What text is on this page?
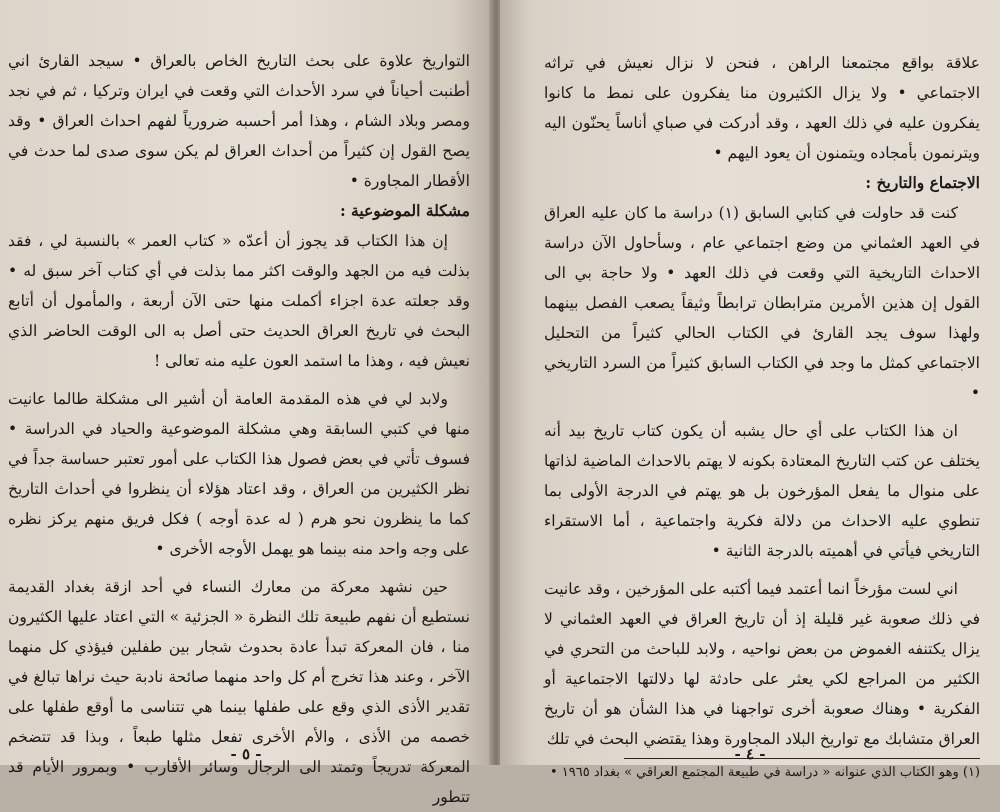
التواريخ علاوة على بحث التاريخ الخاص بالعراق • سيجد القارئ اني أطنبت أحياناً في سرد الأحداث التي وقعت في ايران وتركيا ، ثم في نجد ومصر وبلاد الشام ، وهذا أمر أحسبه ضرورياً لفهم احداث العراق • وقد يصح القول إن كثيراً من أحداث العراق لم يكن سوى صدى لما حدث في الأقطار المجاورة •

مشكلة الموضوعية :

إن هذا الكتاب قد يجوز أن أعدّه « كتاب العمر » بالنسبة لي ، فقد بذلت فيه من الجهد والوقت اكثر مما بذلت في أي كتاب آخر سبق له • وقد جعلته عدة اجزاء أكملت منها حتى الآن أربعة ، والمأمول أن أتابع البحث في تاريخ العراق الحديث حتى أصل به الى الوقت الحاضر الذي نعيش فيه ، وهذا ما استمد العون عليه منه تعالى !

ولابد لي في هذه المقدمة العامة أن أشير الى مشكلة طالما عانيت منها في كتبي السابقة وهي مشكلة الموضوعية والحياد في الدراسة • فسوف تأتي في بعض فصول هذا الكتاب على أمور تعتبر حساسة جداً في نظر الكثيرين من العراق ، وقد اعتاد هؤلاء أن ينظروا في أحداث التاريخ كما ما ينظرون نحو هرم ( له عدة أوجه ) فكل فريق منهم يركز نظره على وجه واحد منه بينما هو يهمل الأوجه الأخرى •

حين نشهد معركة من معارك النساء في أحد ازقة بغداد القديمة نستطيع أن نفهم طبيعة تلك النظرة « الجزئية » التي اعتاد عليها الكثيرون منا ، فان المعركة تبدأ عادة بحدوث شجار بين طفلين فيؤذي كل منهما الآخر ، وعند هذا تخرج أم كل واحد منهما صائحة نادبة حيث نراها تبالغ في تقدير الأذى الذي وقع على طفلها بينما هي تتناسى ما أوقع طفلها على خصمه من الأذى ، والأم الأخرى تفعل مثلها طبعاً ، وبذا قد تتضخم المعركة تدريجاً وتمتد الى الرجال وسائر الأقارب • وبمرور الأيام قد تتطور

- ٥ -

علاقة بواقع مجتمعنا الراهن ، فنحن لا نزال نعيش في تراثه الاجتماعي • ولا يزال الكثيرون منا يفكرون على نمط ما كانوا يفكرون عليه في ذلك العهد ، وقد أدركت في صباي أناساً يحنّون اليه ويترنمون بأمجاده ويتمنون أن يعود اليهم •

الاجتماع والتاريخ :

كنت قد حاولت في كتابي السابق (١) دراسة ما كان عليه العراق في العهد العثماني من وضع اجتماعي عام ، وسأحاول الآن دراسة الاحداث التاريخية التي وقعت في ذلك العهد • ولا حاجة بي الى القول إن هذين الأمرين مترابطان ترابطاً وثيقاً يصعب الفصل بينهما ولهذا سوف يجد القارئ في الكتاب الحالي كثيراً من التحليل الاجتماعي كمثل ما وجد في الكتاب السابق كثيراً من السرد التاريخي •

ان هذا الكتاب على أي حال يشبه أن يكون كتاب تاريخ بيد أنه يختلف عن كتب التاريخ المعتادة بكونه لا يهتم بالاحداث الماضية لذاتها على منوال ما يفعل المؤرخون بل هو يهتم في الدرجة الأولى بما تنطوي عليه الاحداث من دلالة فكرية واجتماعية ، أما الاستقراء التاريخي فيأتي في أهميته بالدرجة الثانية •

اني لست مؤرخاً انما أعتمد فيما أكتبه على المؤرخين ، وقد عانيت في ذلك صعوبة غير قليلة إذ أن تاريخ العراق في العهد العثماني لا يزال يكتنفه الغموض من بعض نواحيه ، ولابد للباحث من التحري في الكثير من المراجع لكي يعثر على حادثة لها دلالتها الاجتماعية أو الفكرية • وهناك صعوبة أخرى تواجهنا في هذا الشأن هو أن تاريخ العراق متشابك مع تواريخ البلاد المجاورة وهذا يقتضي البحث في تلك

(١) وهو الكتاب الذي عنوانه « دراسة في طبيعة المجتمع العراقي » بغداد ١٩٦٥ •
- ٤ -
